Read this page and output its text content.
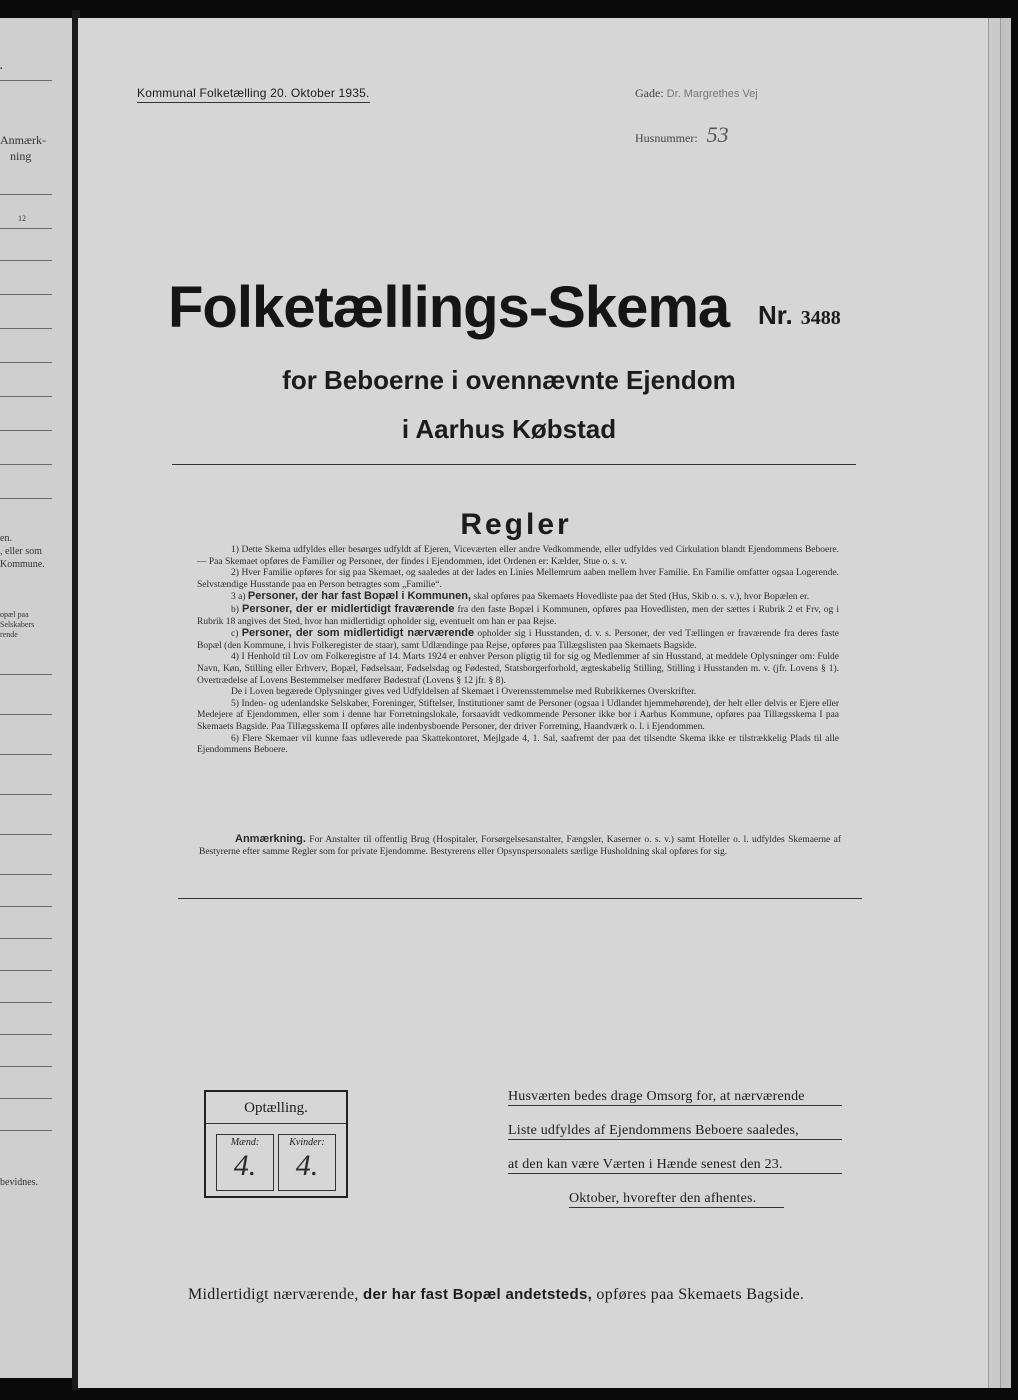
.
Anmærk-
ning
12
en.
, eller som
Kommune.
opæl paa
Selskabers
rende
bevidnes.
Kommunal Folketælling 20. Oktober 1935.	Gade: Dr. Margrethes Vej
Husnummer: 53
Folketællings-Skema Nr. 3488
for Beboerne i ovennævnte Ejendom
i Aarhus Købstad
Regler

1) Dette Skema udfyldes eller besørges udfyldt af Ejeren, Viceværten eller andre Vedkommende, eller udfyldes ved Cirkulation blandt Ejendommens Beboere. — Paa Skemaet opføres de Familier og Personer, der findes i Ejendommen, idet Ordenen er: Kælder, Stue o. s. v.

2) Hver Familie opføres for sig paa Skemaet, og saaledes at der lades en Linies Mellemrum aaben mellem hver Familie. En Familie omfatter ogsaa Logerende. Selvstændige Husstande paa en Person betragtes som „Familie“.

3 a) Personer, der har fast Bopæl i Kommunen, skal opføres paa Skemaets Hovedliste paa det Sted (Hus, Skib o. s. v.), hvor Bopælen er.

b) Personer, der er midlertidigt fraværende fra den faste Bopæl i Kommunen, opføres paa Hovedlisten, men der sættes i Rubrik 2 et Frv, og i Rubrik 18 angives det Sted, hvor han midlertidigt opholder sig, eventuelt om han er paa Rejse.

c) Personer, der som midlertidigt nærværende opholder sig i Husstanden, d. v. s. Personer, der ved Tællingen er fraværende fra deres faste Bopæl (den Kommune, i hvis Folkeregister de staar), samt Udlændinge paa Rejse, opføres paa Tillægslisten paa Skemaets Bagside.

4) I Henhold til Lov om Folkeregistre af 14. Marts 1924 er enhver Person pligtig til for sig og Medlemmer af sin Husstand, at meddele Oplysninger om: Fulde Navn, Køn, Stilling eller Erhverv, Bopæl, Fødselsaar, Fødselsdag og Fødested, Statsborgerforhold, ægteskabelig Stilling, Stilling i Husstanden m. v. (jfr. Lovens § 1). Overtrædelse af Lovens Bestemmelser medfører Bødestraf (Lovens § 12 jfr. § 8).

De i Loven begærede Oplysninger gives ved Udfyldelsen af Skemaet i Overensstemmelse med Rubrikkernes Overskrifter.

5) Inden- og udenlandske Selskaber, Foreninger, Stiftelser, Institutioner samt de Personer (ogsaa i Udlandet hjemmehørende), der helt eller delvis er Ejere eller Medejere af Ejendommen, eller som i denne har Forretningslokale, forsaavidt vedkommende Personer ikke bor i Aarhus Kommune, opføres paa Tillægsskema I paa Skemaets Bagside. Paa Tillægsskema II opføres alle indenbysboende Personer, der driver Forretning, Haandværk o. l. i Ejendommen.

6) Flere Skemaer vil kunne faas udleverede paa Skattekontoret, Mejlgade 4, 1. Sal, saafremt der paa det tilsendte Skema ikke er tilstrækkelig Plads til alle Ejendommens Beboere.

Anmærkning. For Anstalter til offentlig Brug (Hospitaler, Forsørgelsesanstalter, Fængsler, Kaserner o. s. v.) samt Hoteller o. l. udfyldes Skemaerne af Bestyrerne efter samme Regler som for private Ejendomme. Bestyrerens eller Opsynspersonalets særlige Husholdning skal opføres for sig.
Optælling.
Mænd:
4.
Kvinder:
4.
Husværten bedes drage Omsorg for, at nærværende
Liste udfyldes af Ejendommens Beboere saaledes,
at den kan være Værten i Hænde senest den 23.
Oktober, hvorefter den afhentes.
Midlertidigt nærværende, der har fast Bopæl andetsteds, opføres paa Skemaets Bagside.
